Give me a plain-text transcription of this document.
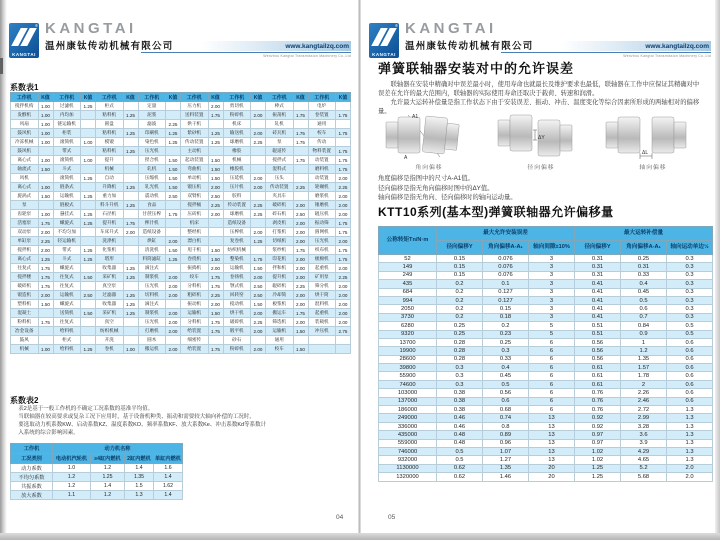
®
KANGTAI
KANGTAI
温州康钛传动机械有限公司	www.kangtailzq.com
Wenzhou Kangtai Transmission Machinery Co.,Ltd
系数表1
工作机	K值	工作机	K值	工作机	K值	工作机	K值	工作机	K值	工作机	K值	工作机	K值	工作机	K值
搅拌机构	1.00	过滤机	1.25	柜式		定量		压力机	2.00	剪切机		棒式		电炉	
发酵机	1.00	内均加		粘料机	1.25	泥浆		送料装置	1.75	粉碎机	2.00	振荡机	1.75	卷装置	1.75
风扇	1.00	链运输机		圆盘		滤波	2.25	烘干机		机床		轧机		通用	
鼓风机	1.00	柜装		粘料机	1.25	印刷机	1.25	紫砂机	1.25	输送机	2.00	砖瓦机	1.75	校车	1.75
冷冻机械	1.00	滚筒机	1.00	模锻		染色机	1.25	传动装置	1.25	球磨机	2.25	泵	1.75	传动	
鼓风机		带式		粘料机	1.25	压光机		主动机		橡胶		辊道传		物料装置	1.75
离心式	1.00	滚筒机	1.00	提升		捏合机	1.50	起动装置	1.50	机械		搅拌式	1.75	动装置	1.75
轴流式	1.50	斗式		机械		轧机	1.50	弯曲机	1.50	橡胶机		混料式		磨料机	1.75
风机		滚筒机	1.25	自动		压缩机	1.50	单动机	1.50	压延机	2.00	压头		动装置	2.00
离心式	1.00	链条式		升降机	1.25	轧光机	1.50	锻压机	2.00	压片机	2.00	传动装置	2.25	轮碾机	2.25
旋涡式	1.50	运输机	1.25	重力加		震动机	2.50	双臂机	2.50	胶料		夹具车		磨浆机	2.00
泵		链板式		料斗升机	1.25	食品		搅拌桶	2.25	传动装置	2.25	破碎机	2.00	锤磨机	2.00
齿轮泵	1.00	悬挂式	1.25	石径机		甘蔗压榨	1.75	压砖机	2.00	球磨机	2.25	碎石机	2.50	辊压机	2.00
活塞泵	1.75	螺旋式	1.25	提升机	1.75	榨汁机		机床		造纸设备		剥皮机	2.00	振动筛	1.75
双动泵	2.00	不均匀加		车床升式	2.00	造纸设备		整经机		压榨机	2.00	打浆机	2.00	圆网机	1.75
单缸泵	2.25	轻运输机		洗涤机		烘缸	2.00	漂白机		复卷机	1.25	切纸机	2.00	压光机	2.00
搅拌机	2.00	带式	1.25	化浆机		清洗机	1.50	甩干机	1.50	纺织机械		浆纱机	1.75	织布机	1.75
离心式	1.25	斗式	1.25	塔形		料筒滤缸	1.25	卷绕机	1.50	整染机	1.75	印花机	2.00	梳棉机	1.75
往复式	1.75	螺旋式		收集器	1.25	滴注式		振捣机	2.00	运输机	1.50	拌和机	2.00	起重机	2.00
搅拌楼	1.75	往复式	1.50	采矿机	1.25	制浆机	2.00	绞车	1.75	卷扬机	2.00	提升机	2.00	矿用泵	2.25
破碎机	1.75	往复式		真空泵		压光机	2.00	分料机	1.75	颚式机	2.50	辊碎机	2.25	筛分机	2.00
锻造机	2.00	运输机	2.50	过滤器	1.25	切料机	2.00	粗碎机	2.25	回转窑	2.50	冷却筒	2.00	烘干筒	2.00
塑料机	1.50	螺旋式		收集器	1.25	滴注式		振动机	2.00	搅动机	1.50	板浆机	2.00	混料机	2.00
混凝土		送筒机	1.50	采矿机	1.25	制浆机	2.00	运输机	1.50	烘干机	2.00	搬运车	1.75	起重机	2.00
粉料机	1.75	往复式		真空		压光机	2.00	分料机	1.75	破碎机	2.25	筛选机	2.00	装载机	2.00
冶金设备		给料机		纺织机械		打磨机	2.00	给装置	1.75	锻平机	2.00	运输机	1.50	冲压机	2.75
鼓风		柜式		开洗		圆木		细密传		砂石		通用			
机械	1.00	给料机	1.25	卷机	1.00	搬运机	2.00	给装置	1.75	粉碎机	2.00	校车	1.50		
系数表2
表2是基于一般工作机的不确定工况系数的基准平均值。
当联轴器在较高要求或复杂工况下应用时，基于设备机种类、振动和需要较大轴向补偿的工况时，
要选取动力机系数KW、启动系数KZ、温度系数KO、频率系数KF、放大系数Ke、冲击系数Kd等系数计
入系统的综合影响因素。
工作机	动力机名称			
工况类别	电动机汽轮机	≥4缸内燃机	2缸内燃机	单缸内燃机
动力系数	1.0	1.2	1.4	1.6
不均匀系数	1.2	1.25	1.35	1.4
共振系数	1.2	1.4	1.5	1.62
放大系数	1.1	1.2	1.3	1.4
04
®
KANGTAI
KANGTAI
温州康钛传动机械有限公司	www.kangtailzq.com
Wenzhou Kangtai Transmission Machinery Co.,Ltd
弹簧联轴器安装对中的允许误差
联轴器在安装中精确对中误差最小时，使用寿命也就最长及维护要求也最低，联轴器在工作中应保证其精确对中
误差在允许的最大范围内，联轴器的实际使用寿命还取决于载荷、转速和润滑。
允许最大运转补偿量是指工作状态下由于安装误差、振动、冲击、温度变化等综合因素所形成的两轴相对的偏移量。
A1
A
角向偏移
ΔY
径向偏移
ΔL
轴向偏移
角度偏移是指图中的尺寸A-A1值。
径向偏移是指无角向偏移时图中的ΔY值。
轴向偏移是指无角向、径向偏移时的轴向运动量。
KTT10系列(基本型)弹簧联轴器允许偏移量
公称转矩Tn/N·m	最大允许安装误差			最大运转补偿量		
	径向偏移Y	角向偏移A-A₁	轴向间隙±10%	径向偏移Y	角向偏移A-A₁	轴向运动单边½
52	0.15	0.076	3	0.31	0.25	0.3
149	0.15	0.076	3	0.31	0.31	0.3
249	0.15	0.076	3	0.31	0.33	0.3
435	0.2	0.1	3	0.41	0.4	0.3
684	0.2	0.127	3	0.41	0.45	0.3
994	0.2	0.127	3	0.41	0.5	0.3
2050	0.2	0.15	3	0.41	0.6	0.3
3730	0.2	0.18	3	0.41	0.7	0.3
6280	0.25	0.2	5	0.51	0.84	0.5
9320	0.25	0.23	5	0.51	0.9	0.5
13700	0.28	0.25	6	0.56	1	0.6
19900	0.28	0.3	6	0.56	1.2	0.6
28600	0.28	0.33	6	0.56	1.35	0.6
39800	0.3	0.4	6	0.61	1.57	0.6
55900	0.3	0.45	6	0.61	1.78	0.6
74600	0.3	0.5	6	0.61	2	0.6
103000	0.38	0.56	6	0.76	2.26	0.6
137000	0.38	0.6	6	0.76	2.46	0.6
186000	0.38	0.68	6	0.76	2.72	1.3
249000	0.46	0.74	13	0.92	2.99	1.3
336000	0.46	0.8	13	0.92	3.28	1.3
435000	0.48	0.89	13	0.97	3.6	1.3
559000	0.48	0.96	13	0.97	3.9	1.3
746000	0.5	1.07	13	1.02	4.29	1.3
932000	0.5	1.27	13	1.02	4.65	1.3
1130000	0.62	1.35	20	1.25	5.2	2.0
1320000	0.62	1.46	20	1.25	5.68	2.0
05
